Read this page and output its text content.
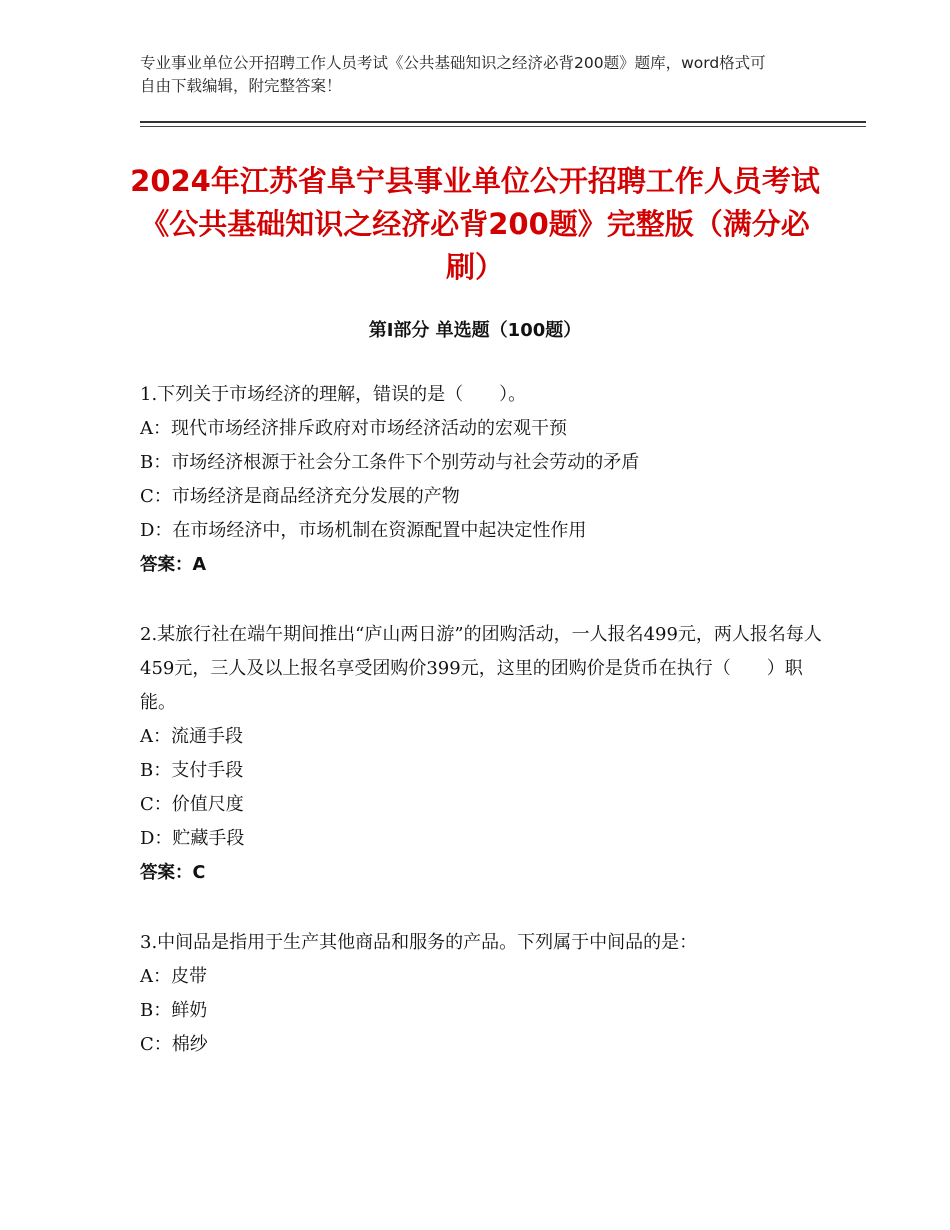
专业事业单位公开招聘工作人员考试《公共基础知识之经济必背200题》题库，word格式可自由下载编辑，附完整答案！
2024年江苏省阜宁县事业单位公开招聘工作人员考试《公共基础知识之经济必背200题》完整版（满分必刷）
第Ⅰ部分 单选题（100题）

1.下列关于市场经济的理解，错误的是（　　）。

A：现代市场经济排斥政府对市场经济活动的宏观干预

B：市场经济根源于社会分工条件下个别劳动与社会劳动的矛盾

C：市场经济是商品经济充分发展的产物

D：在市场经济中，市场机制在资源配置中起决定性作用

答案：A

2.某旅行社在端午期间推出“庐山两日游”的团购活动，一人报名499元，两人报名每人459元，三人及以上报名享受团购价399元，这里的团购价是货币在执行（　　）职能。

A：流通手段

B：支付手段

C：价值尺度

D：贮藏手段

答案：C

3.中间品是指用于生产其他商品和服务的产品。下列属于中间品的是：

A：皮带

B：鲜奶

C：棉纱
